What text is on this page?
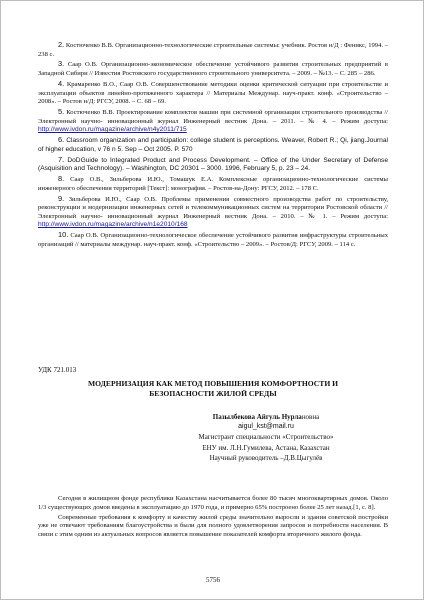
2. Костюченко В.В. Организационно-технологические строительные системы: учебник. Ростов н/Д : Феникс, 1994. – 238 с.

3. Саар О.В. Организационно-экономическое обеспечение устойчивого развития строительных предприятий в Западной Сибири // Известия Ростовского государственного строительного университета. – 2009. – №13. – С. 285 – 286.

4. Крамаренко В.О., Саар О.В. Совершенствование методики оценки критической ситуации при строительстве и эксплуатации объектов линейно-протяженного характера // Материалы Междунар. науч-практ. конф. «Строительство – 2008». – Ростов н/Д: РГСУ, 2008. – С. 68 – 69.

5. Костюченко В.В. Проектирование комплектов машин при системной организации строительного производства // Электронный научно- инновационный журнал Инженерный вестник Дона. – 2011. – № 4. – Режим доступа: http://www.ivdon.ru/magazine/archive/n4y2011/715

6. Classroom organization and participation: college student is perceptions. Weaver, Robert R.; Qi, jiang.Journal of higher education, v 76 n 5. Sep – Oct 2005. P. 570

7. DoDGuide to Integrated Product and Process Development. – Office of the Under Secretary of Defense (Asquisition and Technology). – Washington, DC 20301 – 3000. 1996, February 5, p. 23 – 24.

8. Саар О.В., Зильберова И.Ю., Томашук Е.А. Комплексные организационно-технологические системы инженерного обеспечения территорий [Текст]: монография. – Ростов-на-Дону: РГСУ, 2012. – 178 С.

9. Зильберова И.Ю., Саар О.В. Проблемы применения совместного производства работ по строительству, реконструкции и модернизации инженерных сетей и телекоммуникационных систем на территории Ростовской области // Электронный научно- инновационный журнал Инженерный вестник Дона. – 2010. – № 1. – Режим доступа: http://www.ivdon.ru/magazine/archive/n1e2010/168

10. Саар О.В. Организационно-технологическое обеспечение устойчивого развития инфраструктуры строительных организаций // материалы междунар. науч-практ. конф. «Строительство – 2009». – Ростов/Д: РГСУ, 2009. – 114 с.

УДК 721.013
МОДЕРНИЗАЦИЯ КАК МЕТОД ПОВЫШЕНИЯ КОМФОРТНОСТИ И
БЕЗОПАСНОСТИ ЖИЛОЙ СРЕДЫ
Пазылбекова Айгуль Нурлановна
aigul_kst@mail.ru
Магистрант специальности «Строительство»
ЕНУ им. Л.Н.Гумилева, Астана, Казахстан
Научный руководитель –Д.В.Цыгулёв

Сегодня в жилищном фонде республики Казахстана насчитывается более 80 тысяч многоквартирных домов. Около 1/3 существующих домов введены в эксплуатацию до 1970 года, и примерно 65% построено более 25 лет назад.[1, с. 8].

Современные требования к комфорту и качеству жилой среды значительно выросли и здания советской постройки уже не отвечают требованиям благоустройства и были для полного удовлетворения запросов и потребности населения. В связи с этим одним из актуальных вопросов является повышение показателей комфорта вторичного жилого фонда.

5756
